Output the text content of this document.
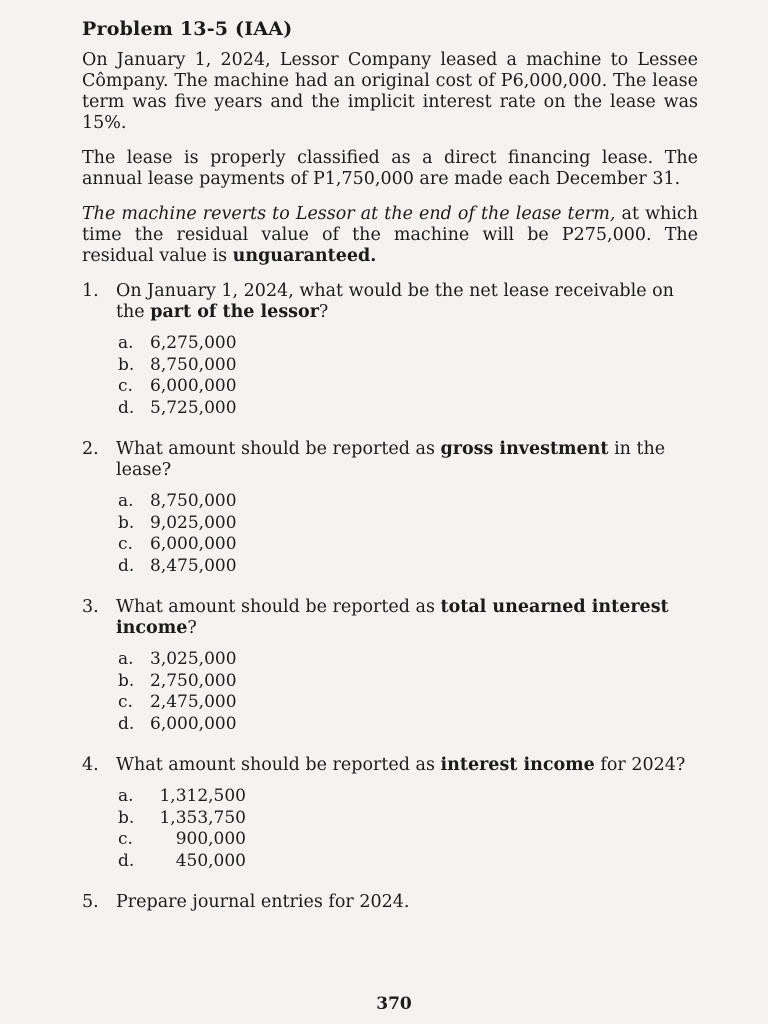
Problem 13-5 (IAA)

On January 1, 2024, Lessor Company leased a machine to Lessee Cômpany. The machine had an original cost of P6,000,000. The lease term was five years and the implicit interest rate on the lease was 15%.

The lease is properly classified as a direct financing lease. The annual lease payments of P1,750,000 are made each December 31.

The machine reverts to Lessor at the end of the lease term, at which time the residual value of the machine will be P275,000. The residual value is unguaranteed.

1. On January 1, 2024, what would be the net lease receivable on the part of the lessor?
a. 6,275,000
b. 8,750,000
c.	6,000,000
d. 5,725,000
2. What amount should be reported as gross investment in the lease?
a. 8,750,000
b. 9,025,000
c.	6,000,000
d. 8,475,000
3. What amount should be reported as total unearned interest income?
a. 3,025,000
b. 2,750,000
c.	2,475,000
d. 6,000,000
4. What amount should be reported as interest income for 2024?
a.	1,312,500
b.	1,353,750
c.	900,000
d.	450,000
5. Prepare journal entries for 2024.
370
